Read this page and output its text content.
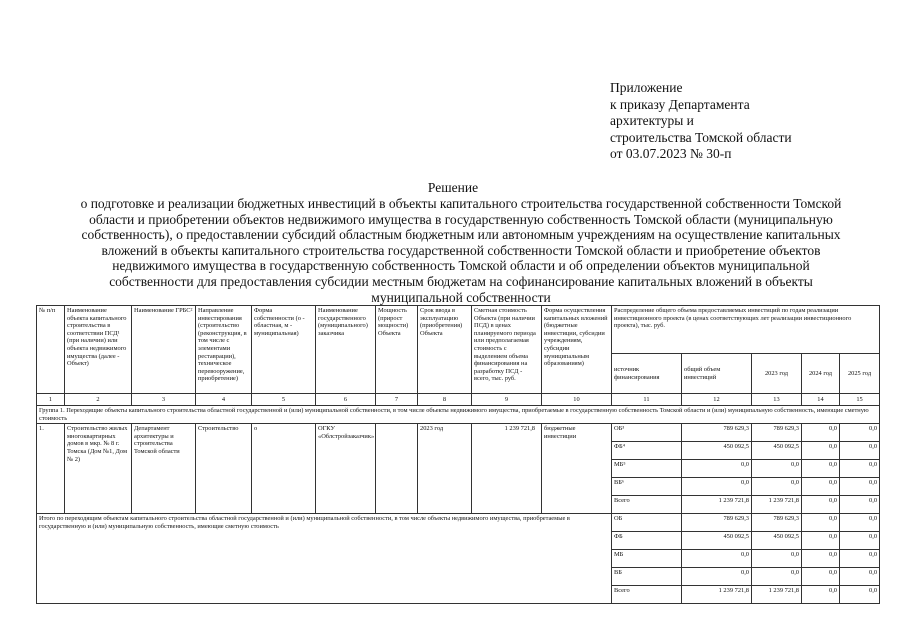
Приложение
к приказу Департамента
архитектуры и
строительства Томской области
от 03.07.2023 № 30-п
Решение
о подготовке и реализации бюджетных инвестиций в объекты капитального строительства государственной собственности Томской области и приобретении объектов недвижимого имущества в государственную собственность Томской области (муниципальную собственность), о предоставлении субсидий областным бюджетным или автономным учреждениям на осуществление капитальных вложений в объекты капитального строительства государственной собственности Томской области и приобретение объектов недвижимого имущества в государственную собственность Томской области и об определении объектов муниципальной собственности для предоставления субсидии местным бюджетам на софинансирование капитальных вложений в объекты муниципальной собственности
№ п/п	Наименование объекта капитального строительства в соответствии ПСД¹ (при наличии) или объекта недвижимого имущества (далее - Объект)	Наименование ГРБС²	Направление инвестирования (строительство (реконструкция, в том числе с элементами реставрации), техническое перевооружение, приобретение)	Форма собственности (о - областная, м - муниципальная)	Наименование государственного (муниципального) заказчика	Мощность (прирост мощности) Объекта	Срок ввода в эксплуатацию (приобретения) Объекта	Сметная стоимость Объекта (при наличии ПСД) в ценах планируемого периода или предполагаемая стоимость с выделением объема финансирования на разработку ПСД - всего, тыс. руб.	Форма осуществления капитальных вложений (бюджетные инвестиции, субсидии учреждениям, субсидии муниципальным образованиям)	Распределение общего объема предоставляемых инвестиций по годам реализации инвестиционного проекта (в ценах соответствующих лет реализации инвестиционного проекта), тыс. руб.				
										источник финансирования	общий объем инвестиций	2023 год	2024 год	2025 год
1	2	3	4	5	6	7	8	9	10	11	12	13	14	15
Группа 1. Переходящие объекты капитального строительства областной государственной и (или) муниципальной собственности, в том числе объекты недвижимого имущества, приобретаемые в государственную собственность Томской области и (или) муниципальную собственность, имеющие сметную стоимость														
1.	Строительство жилых многоквартирных домов в мкр. № 8 г. Томска (Дом №1, Дом № 2)	Департамент архитектуры и строительства Томской области	Строительство	о	ОГКУ «Облстройзаказчик»		2023 год	1 239 721,8	бюджетные инвестиции	ОБ³	789 629,3	789 629,3	0,0	0,0
										ФБ⁴	450 092,5	450 092,5	0,0	0,0
										МБ⁵	0,0	0,0	0,0	0,0
										ВБ⁶	0,0	0,0	0,0	0,0
										Всего	1 239 721,8	1 239 721,8	0,0	0,0
Итого по переходящим объектам капитального строительства областной государственной и (или) муниципальной собственности, в том числе объекты недвижимого имущества, приобретаемые в государственную и (или) муниципальную собственность, имеющие сметную стоимость										ОБ	789 629,3	789 629,3	0,0	0,0
										ФБ	450 092,5	450 092,5	0,0	0,0
										МБ	0,0	0,0	0,0	0,0
										ВБ	0,0	0,0	0,0	0,0
										Всего	1 239 721,8	1 239 721,8	0,0	0,0
